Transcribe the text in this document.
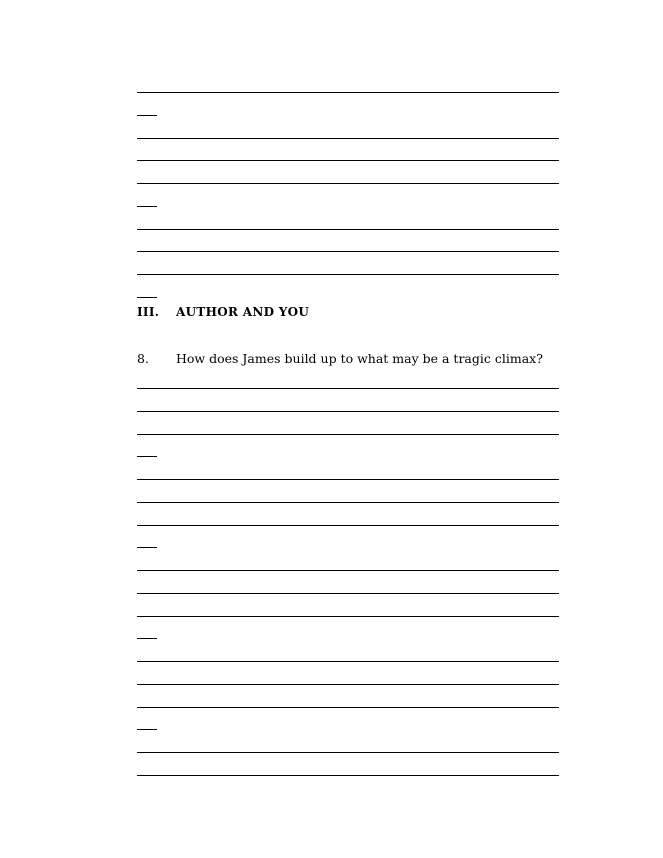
III. AUTHOR AND YOU
8. How does James build up to what may be a tragic climax?
